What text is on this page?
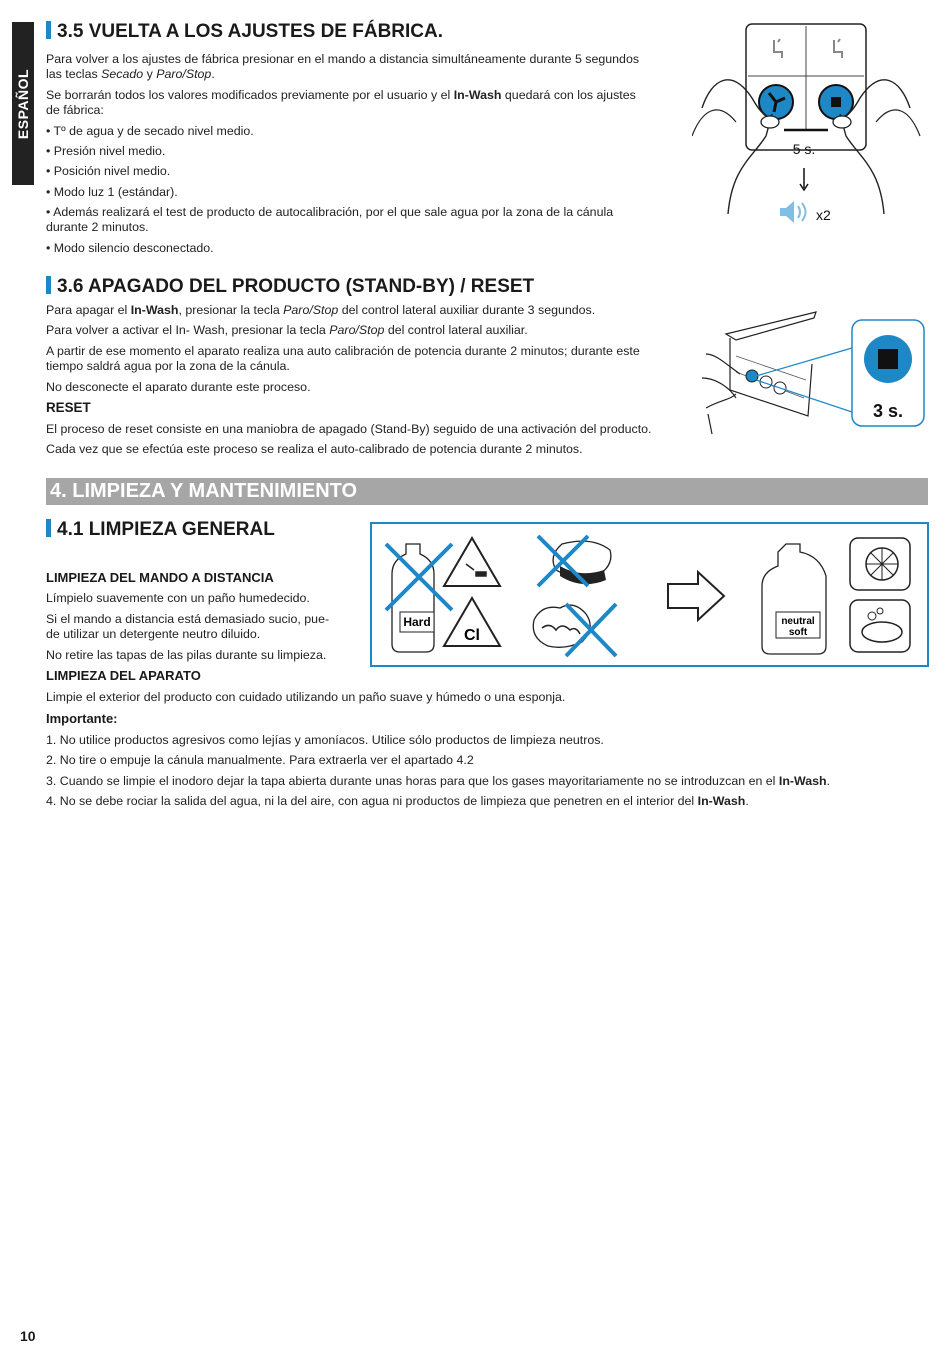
ESPAÑOL
3.5 VUELTA A LOS AJUSTES DE FÁBRICA.
Para volver a los ajustes de fábrica presionar en el mando a distancia simultáneamente durante 5 segundos
las teclas Secado y Paro/Stop.
Se borrarán todos los valores modificados previamente por el usuario y el In-Wash quedará con los ajustes
de fábrica:
• Tº de agua y de secado nivel medio.
• Presión nivel medio.
• Posición nivel medio.
• Modo luz 1 (estándar).
• Además realizará el test de producto de autocalibración, por el que sale agua por la zona de la cánula
durante 2 minutos.
• Modo silencio desconectado.
5 s.
x2
3.6 APAGADO DEL PRODUCTO (STAND-BY) / RESET
Para apagar el In-Wash, presionar la tecla Paro/Stop del control lateral auxiliar durante 3 segundos.
Para volver a activar el In- Wash, presionar la tecla Paro/Stop del control lateral auxiliar.
A partir de ese momento el aparato realiza una auto calibración de potencia durante 2 minutos; durante este
tiempo saldrá agua por la zona de la cánula.
No desconecte el aparato durante este proceso.
RESET
El proceso de reset consiste en una maniobra de apagado (Stand-By) seguido de una activación del producto.
Cada vez que se efectúa este proceso se realiza el auto-calibrado de potencia durante 2 minutos.
3 s.
4. LIMPIEZA Y MANTENIMIENTO
4.1 LIMPIEZA GENERAL
LIMPIEZA DEL MANDO A DISTANCIA
Límpielo suavemente con un paño humedecido.
Si el mando a distancia está demasiado sucio, pue-
de utilizar un detergente neutro diluido.
No retire las tapas de las pilas durante su limpieza.
LIMPIEZA DEL APARATO
Limpie el exterior del producto con cuidado utilizando un paño suave y húmedo o una esponja.
Importante:
1. No utilice productos agresivos como lejías y amoníacos. Utilice sólo productos de limpieza neutros.
2. No tire o empuje la cánula manualmente. Para extraerla ver el apartado 4.2
3. Cuando se limpie el inodoro dejar la tapa abierta durante unas horas para que los gases mayoritariamente no se introduzcan en el In-Wash.
4. No se debe rociar la salida del agua, ni la del aire, con agua ni productos de limpieza que penetren en el interior del In-Wash.
Hard
Cl
neutral
soft
10
